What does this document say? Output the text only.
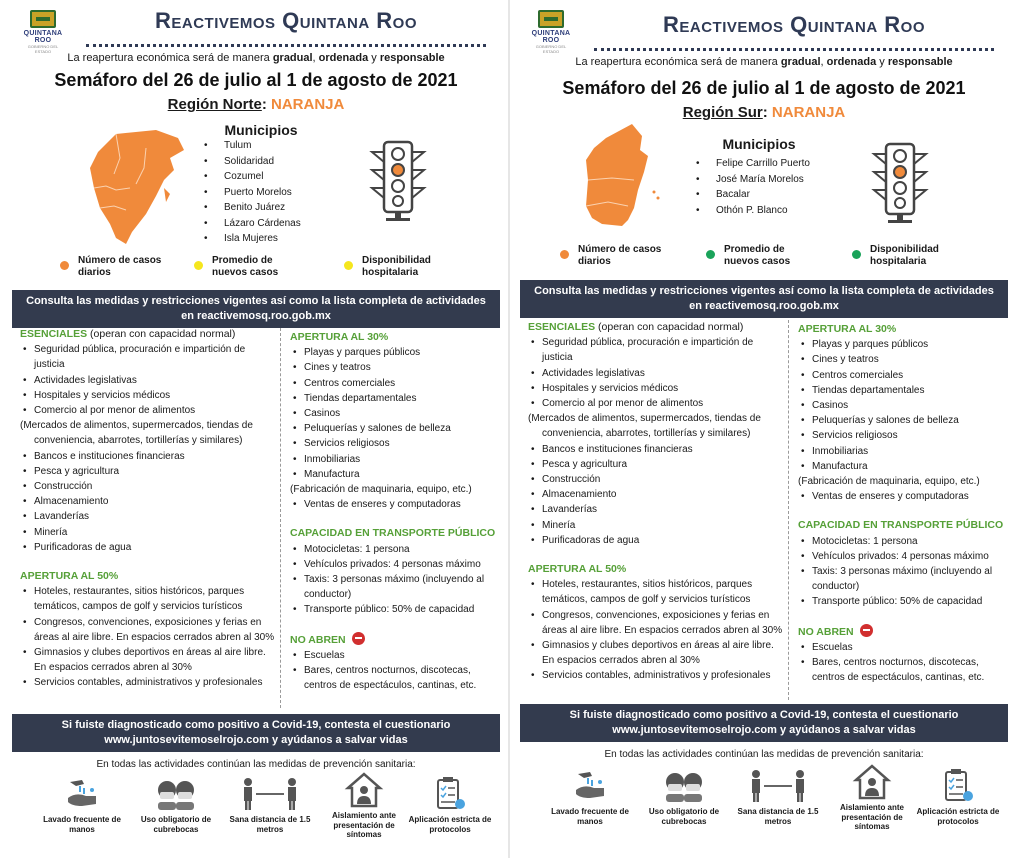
QUINTANA ROO
GOBIERNO DEL ESTADO
Reactivemos Quintana Roo
La reapertura económica será de manera gradual, ordenada y responsable
Semáforo del 26 de julio al 1 de agosto de 2021
Región Norte: NARANJA
Municipios
• Tulum
• Solidaridad
• Cozumel
• Puerto Morelos
• Benito Juárez
• Lázaro Cárdenas
• Isla Mujeres
Número de casos diarios
Promedio de nuevos casos
Disponibilidad hospitalaria
Consulta las medidas y restricciones vigentes así como la lista completa de actividades en reactivemosq.roo.gob.mx
ESENCIALES (operan con capacidad normal)
• Seguridad pública, procuración e impartición de justicia
• Actividades legislativas
• Hospitales y servicios médicos
• Comercio al por menor de alimentos
(Mercados de alimentos, supermercados, tiendas de
conveniencia, abarrotes, tortillerías y similares)
• Bancos e instituciones financieras
• Pesca y agricultura
• Construcción
• Almacenamiento
• Lavanderías
• Minería
• Purificadoras de agua
APERTURA AL 50%
• Hoteles, restaurantes, sitios históricos, parques temáticos, campos de golf y servicios turísticos
• Congresos, convenciones, exposiciones y ferias en áreas al aire libre. En espacios cerrados abren al 30%
• Gimnasios y clubes deportivos en áreas al aire libre. En espacios cerrados abren al 30%
• Servicios contables, administrativos y profesionales
APERTURA AL 30%
• Playas y parques públicos
• Cines y teatros
• Centros comerciales
• Tiendas departamentales
• Casinos
• Peluquerías y salones de belleza
• Servicios religiosos
• Inmobiliarias
• Manufactura
(Fabricación de maquinaria, equipo, etc.)
• Ventas de enseres y computadoras
CAPACIDAD EN TRANSPORTE PÚBLICO
• Motocicletas: 1 persona
• Vehículos privados: 4 personas máximo
• Taxis: 3 personas máximo (incluyendo al conductor)
• Transporte público: 50% de capacidad
NO ABREN
• Escuelas
• Bares, centros nocturnos, discotecas, centros de espectáculos, cantinas, etc.
Si fuiste diagnosticado como positivo a Covid-19, contesta el cuestionario www.juntosevitemoselrojo.com y ayúdanos a salvar vidas
En todas las actividades continúan las medidas de prevención sanitaria:
Lavado frecuente de manos
Uso obligatorio de cubrebocas
Sana distancia de 1.5 metros
Aislamiento ante presentación de síntomas
Aplicación estricta de protocolos
QUINTANA ROO
GOBIERNO DEL ESTADO
Reactivemos Quintana Roo
La reapertura económica será de manera gradual, ordenada y responsable
Semáforo del 26 de julio al 1 de agosto de 2021
Región Sur: NARANJA
Municipios
• Felipe Carrillo Puerto
• José María Morelos
• Bacalar
• Othón P. Blanco
Número de casos diarios
Promedio de nuevos casos
Disponibilidad hospitalaria
Consulta las medidas y restricciones vigentes así como la lista completa de actividades en reactivemosq.roo.gob.mx
ESENCIALES (operan con capacidad normal)
• Seguridad pública, procuración e impartición de justicia
• Actividades legislativas
• Hospitales y servicios médicos
• Comercio al por menor de alimentos
(Mercados de alimentos, supermercados, tiendas de
conveniencia, abarrotes, tortillerías y similares)
• Bancos e instituciones financieras
• Pesca y agricultura
• Construcción
• Almacenamiento
• Lavanderías
• Minería
• Purificadoras de agua
APERTURA AL 50%
• Hoteles, restaurantes, sitios históricos, parques temáticos, campos de golf y servicios turísticos
• Congresos, convenciones, exposiciones y ferias en áreas al aire libre. En espacios cerrados abren al 30%
• Gimnasios y clubes deportivos en áreas al aire libre. En espacios cerrados abren al 30%
• Servicios contables, administrativos y profesionales
APERTURA AL 30%
• Playas y parques públicos
• Cines y teatros
• Centros comerciales
• Tiendas departamentales
• Casinos
• Peluquerías y salones de belleza
• Servicios religiosos
• Inmobiliarias
• Manufactura
(Fabricación de maquinaria, equipo, etc.)
• Ventas de enseres y computadoras
CAPACIDAD EN TRANSPORTE PÚBLICO
• Motocicletas: 1 persona
• Vehículos privados: 4 personas máximo
• Taxis: 3 personas máximo (incluyendo al conductor)
• Transporte público: 50% de capacidad
NO ABREN
• Escuelas
• Bares, centros nocturnos, discotecas, centros de espectáculos, cantinas, etc.
Si fuiste diagnosticado como positivo a Covid-19, contesta el cuestionario www.juntosevitemoselrojo.com y ayúdanos a salvar vidas
En todas las actividades continúan las medidas de prevención sanitaria:
Lavado frecuente de manos
Uso obligatorio de cubrebocas
Sana distancia de 1.5 metros
Aislamiento ante presentación de síntomas
Aplicación estricta de protocolos
